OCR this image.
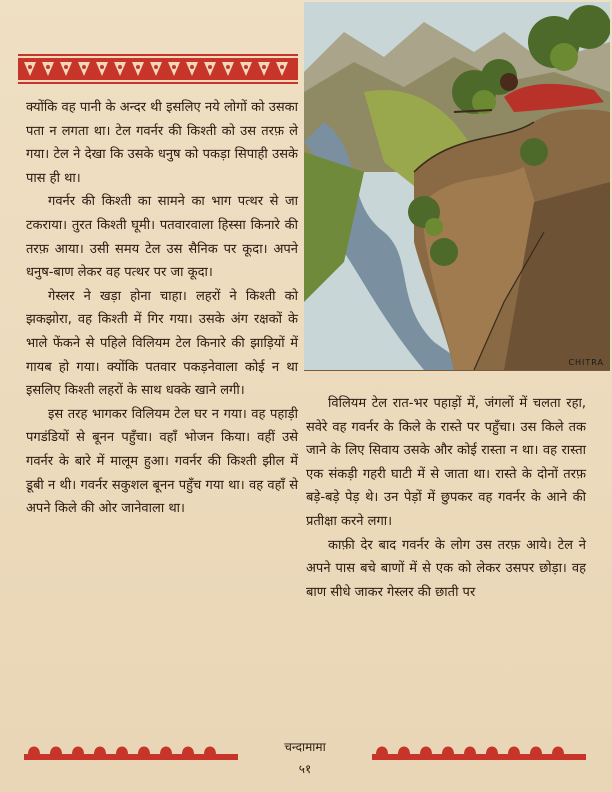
क्योंकि वह पानी के अन्दर थी इसलिए नये लोगों को उसका पता न लगता था। टेल गवर्नर की किश्ती को उस तरफ़ ले गया। टेल ने देखा कि उसके धनुष को पकड़ा सिपाही उसके पास ही था।

गवर्नर की किश्ती का सामने का भाग पत्थर से जा टकराया। तुरत किश्ती घूमी। पतवारवाला हिस्सा किनारे की तरफ़ आया। उसी समय टेल उस सैनिक पर कूदा। अपने धनुष-बाण लेकर वह पत्थर पर जा कूदा।

गेस्लर ने खड़ा होना चाहा। लहरों ने किश्ती को झकझोरा, वह किश्ती में गिर गया। उसके अंग रक्षकों के भाले फेंकने से पहिले विलियम टेल किनारे की झाड़ियों में गायब हो गया। क्योंकि पतवार पकड़नेवाला कोई न था इसलिए किश्ती लहरों के साथ धक्के खाने लगी।

इस तरह भागकर विलियम टेल घर न गया। वह पहाड़ी पगडंडियों से बूनन पहुँचा। वहाँ भोजन किया। वहीं उसे गवर्नर के बारे में मालूम हुआ। गवर्नर की किश्ती झील में डूबी न थी। गवर्नर सकुशल बूनन पहुँच गया था। वह वहाँ से अपने किले की ओर जानेवाला था।

CHITRA

विलियम टेल रात-भर पहाड़ों में, जंगलों में चलता रहा, सवेरे वह गवर्नर के किले के रास्ते पर पहुँचा। उस किले तक जाने के लिए सिवाय उसके और कोई रास्ता न था। वह रास्ता एक संकड़ी गहरी घाटी में से जाता था। रास्ते के दोनों तरफ़ बड़े-बड़े पेड़ थे। उन पेड़ों में छुपकर वह गवर्नर के आने की प्रतीक्षा करने लगा।

काफ़ी देर बाद गवर्नर के लोग उस तरफ़ आये। टेल ने अपने पास बचे बाणों में से एक को लेकर उसपर छोड़ा। वह बाण सीधे जाकर गेस्लर की छाती पर

चन्दामामा
५१
